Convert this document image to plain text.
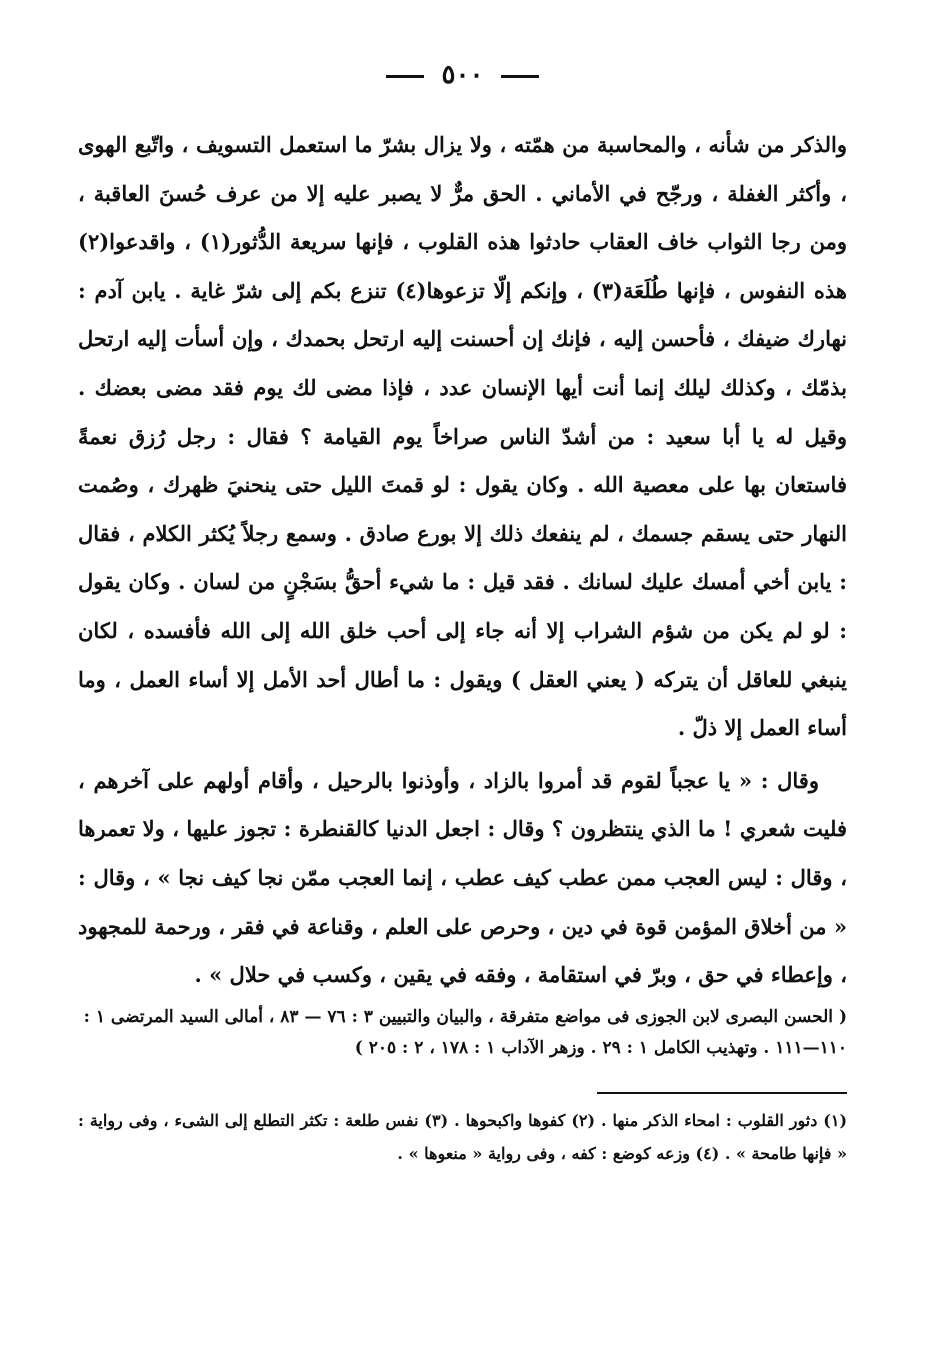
٥٠٠

والذكر من شأنه ، والمحاسبة من همّته ، ولا يزال بشرّ ما استعمل التسويف ، واتّبع الهوى ، وأكثر الغفلة ، ورجّح في الأماني . الحق مرٌّ لا يصبر عليه إلا من عرف حُسنَ العاقبة ، ومن رجا الثواب خاف العقاب حادثوا هذه القلوب ، فإنها سريعة الدُّثور(١) ، واقدعوا(٢) هذه النفوس ، فإنها طُلَعَة(٣) ، وإنكم إلّا تزعوها(٤) تنزع بكم إلى شرّ غاية . يابن آدم : نهارك ضيفك ، فأحسن إليه ، فإنك إن أحسنت إليه ارتحل بحمدك ، وإن أسأت إليه ارتحل بذمّك ، وكذلك ليلك إنما أنت أيها الإنسان عدد ، فإذا مضى لك يوم فقد مضى بعضك . وقيل له يا أبا سعيد : من أشدّ الناس صراخاً يوم القيامة ؟ فقال : رجل رُزق نعمةً فاستعان بها على معصية الله . وكان يقول : لو قمتَ الليل حتى ينحنيَ ظهرك ، وصُمت النهار حتى يسقم جسمك ، لم ينفعك ذلك إلا بورع صادق . وسمع رجلاً يُكثر الكلام ، فقال : يابن أخي أمسك عليك لسانك . فقد قيل : ما شيء أحقُّ بسَجْنٍ من لسان . وكان يقول : لو لم يكن من شؤم الشراب إلا أنه جاء إلى أحب خلق الله إلى الله فأفسده ، لكان ينبغي للعاقل أن يتركه ( يعني العقل ) ويقول : ما أطال أحد الأمل إلا أساء العمل ، وما أساء العمل إلا ذلّ .

وقال : « يا عجباً لقوم قد أمروا بالزاد ، وأوذنوا بالرحيل ، وأقام أولهم على آخرهم ، فليت شعري ! ما الذي ينتظرون ؟ وقال : اجعل الدنيا كالقنطرة : تجوز عليها ، ولا تعمرها ، وقال : ليس العجب ممن عطب كيف عطب ، إنما العجب ممّن نجا كيف نجا » ، وقال : « من أخلاق المؤمن قوة في دين ، وحرص على العلم ، وقناعة في فقر ، ورحمة للمجهود ، وإعطاء في حق ، وبرّ في استقامة ، وفقه في يقين ، وكسب في حلال » .

( الحسن البصرى لابن الجوزى فى مواضع متفرقة ، والبيان والتبيين ٣ : ٧٦ — ٨٣ ، أمالى السيد المرتضى ١ : ١١٠—١١١ . وتهذيب الكامل ١ : ٢٩ . وزهر الآداب ١ : ١٧٨ ، ٢ : ٢٠٥ )
(١) دثور القلوب : امحاء الذكر منها . (٢) كفوها واكبحوها . (٣) نفس طلعة : تكثر التطلع إلى الشىء ، وفى رواية : « فإنها طامحة » . (٤) وزعه كوضع : كفه ، وفى رواية « منعوها » .
